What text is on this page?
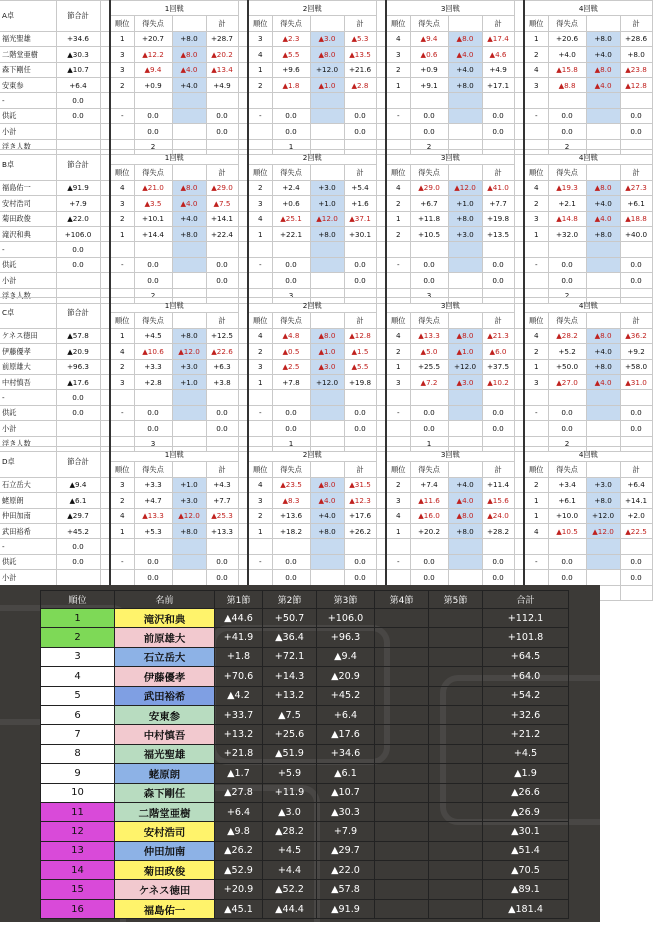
A卓	節合計		1回戦					2回戦					3回戦					4回戦			
			順位	得失点		計		順位	得失点		計		順位	得失点		計		順位	得失点		計
福光聖雄	+34.6		1	+20.7	+8.0	+28.7		3	▲2.3	▲3.0	▲5.3		4	▲9.4	▲8.0	▲17.4		1	+20.6	+8.0	+28.6
二階堂亜樹	▲30.3		3	▲12.2	▲8.0	▲20.2		4	▲5.5	▲8.0	▲13.5		3	▲0.6	▲4.0	▲4.6		2	+4.0	+4.0	+8.0
森下剛任	▲10.7		3	▲9.4	▲4.0	▲13.4		1	+9.6	+12.0	+21.6		2	+0.9	+4.0	+4.9		4	▲15.8	▲8.0	▲23.8
安東参	+6.4		2	+0.9	+4.0	+4.9		2	▲1.8	▲1.0	▲2.8		1	+9.1	+8.0	+17.1		3	▲8.8	▲4.0	▲12.8
-	0.0																				
供託	0.0		-	0.0		0.0		-	0.0		0.0		-	0.0		0.0		-	0.0		0.0
小計				0.0		0.0			0.0		0.0			0.0		0.0			0.0		0.0
浮き人数				2					1					2					2		
B卓	節合計		1回戦					2回戦					3回戦					4回戦			
			順位	得失点		計		順位	得失点		計		順位	得失点		計		順位	得失点		計
福島佑一	▲91.9		4	▲21.0	▲8.0	▲29.0		2	+2.4	+3.0	+5.4		4	▲29.0	▲12.0	▲41.0		4	▲19.3	▲8.0	▲27.3
安村浩司	+7.9		3	▲3.5	▲4.0	▲7.5		3	+0.6	+1.0	+1.6		2	+6.7	+1.0	+7.7		2	+2.1	+4.0	+6.1
菊田政俊	▲22.0		2	+10.1	+4.0	+14.1		4	▲25.1	▲12.0	▲37.1		1	+11.8	+8.0	+19.8		3	▲14.8	▲4.0	▲18.8
滝沢和典	+106.0		1	+14.4	+8.0	+22.4		1	+22.1	+8.0	+30.1		2	+10.5	+3.0	+13.5		1	+32.0	+8.0	+40.0
-	0.0																				
供託	0.0		-	0.0		0.0		-	0.0		0.0		-	0.0		0.0		-	0.0		0.0
小計				0.0		0.0			0.0		0.0			0.0		0.0			0.0		0.0
浮き人数				2					3					3					2		
C卓	節合計		1回戦					2回戦					3回戦					4回戦			
			順位	得失点		計		順位	得失点		計		順位	得失点		計		順位	得失点		計
ケネス徳田	▲57.8		1	+4.5	+8.0	+12.5		4	▲4.8	▲8.0	▲12.8		4	▲13.3	▲8.0	▲21.3		4	▲28.2	▲8.0	▲36.2
伊藤優孝	▲20.9		4	▲10.6	▲12.0	▲22.6		2	▲0.5	▲1.0	▲1.5		2	▲5.0	▲1.0	▲6.0		2	+5.2	+4.0	+9.2
前原雄大	+96.3		2	+3.3	+3.0	+6.3		3	▲2.5	▲3.0	▲5.5		1	+25.5	+12.0	+37.5		1	+50.0	+8.0	+58.0
中村慎吾	▲17.6		3	+2.8	+1.0	+3.8		1	+7.8	+12.0	+19.8		3	▲7.2	▲3.0	▲10.2		3	▲27.0	▲4.0	▲31.0
-	0.0																				
供託	0.0		-	0.0		0.0		-	0.0		0.0		-	0.0		0.0		-	0.0		0.0
小計				0.0		0.0			0.0		0.0			0.0		0.0			0.0		0.0
浮き人数				3					1					1					2		
D卓	節合計		1回戦					2回戦					3回戦					4回戦			
			順位	得失点		計		順位	得失点		計		順位	得失点		計		順位	得失点		計
石立岳大	▲9.4		3	+3.3	+1.0	+4.3		4	▲23.5	▲8.0	▲31.5		2	+7.4	+4.0	+11.4		2	+3.4	+3.0	+6.4
蛯原朗	▲6.1		2	+4.7	+3.0	+7.7		3	▲8.3	▲4.0	▲12.3		3	▲11.6	▲4.0	▲15.6		1	+6.1	+8.0	+14.1
仲田加南	▲29.7		4	▲13.3	▲12.0	▲25.3		2	+13.6	+4.0	+17.6		4	▲16.0	▲8.0	▲24.0		1	+10.0	+12.0	+2.0
武田裕希	+45.2		1	+5.3	+8.0	+13.3		1	+18.2	+8.0	+26.2		1	+20.2	+8.0	+28.2		4	▲10.5	▲12.0	▲22.5
-	0.0																				
供託	0.0		-	0.0		0.0		-	0.0		0.0		-	0.0		0.0		-	0.0		0.0
小計				0.0		0.0			0.0		0.0			0.0		0.0			0.0		0.0

順位	名前	第1節	第2節	第3節	第4節	第5節	合計
1	滝沢和典	▲44.6	+50.7	+106.0			+112.1
2	前原雄大	+41.9	▲36.4	+96.3			+101.8
3	石立岳大	+1.8	+72.1	▲9.4			+64.5
4	伊藤優孝	+70.6	+14.3	▲20.9			+64.0
5	武田裕希	▲4.2	+13.2	+45.2			+54.2
6	安東参	+33.7	▲7.5	+6.4			+32.6
7	中村慎吾	+13.2	+25.6	▲17.6			+21.2
8	福光聖雄	+21.8	▲51.9	+34.6			+4.5
9	蛯原朗	▲1.7	+5.9	▲6.1			▲1.9
10	森下剛任	▲27.8	+11.9	▲10.7			▲26.6
11	二階堂亜樹	+6.4	▲3.0	▲30.3			▲26.9
12	安村浩司	▲9.8	▲28.2	+7.9			▲30.1
13	仲田加南	▲26.2	+4.5	▲29.7			▲51.4
14	菊田政俊	▲52.9	+4.4	▲22.0			▲70.5
15	ケネス徳田	+20.9	▲52.2	▲57.8			▲89.1
16	福島佑一	▲45.1	▲44.4	▲91.9			▲181.4
